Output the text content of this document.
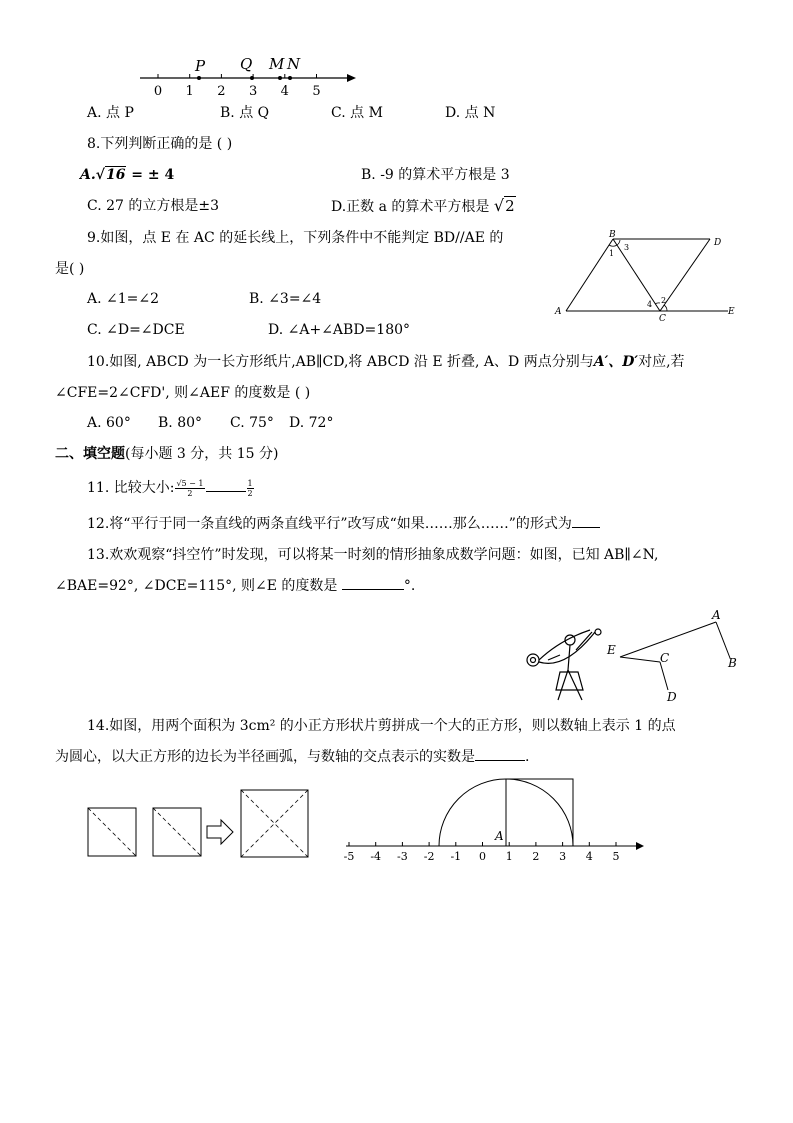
0 1 2 3 4 5
P Q M N
A. 点 P	B. 点 Q	C. 点 M	D. 点 N
8.下列判断正确的是 ( )
A.√16 = ± 4	B. -9 的算术平方根是 3
C. 27 的立方根是±3	D.正数 a 的算术平方根是 √2
9.如图，点 E 在 AC 的延长线上，下列条件中不能判定 BD//AE 的
是( )
A. ∠1=∠2	B. ∠3=∠4
C. ∠D=∠DCE	D. ∠A+∠ABD=180°
B
D
A
C
E
1
3
2
4
10.如图, ABCD 为一长方形纸片,AB∥CD,将 ABCD 沿 E 折叠, A、D 两点分别与A′、D′对应,若
∠CFE=2∠CFD', 则∠AEF 的度数是 ( )
A. 60° B. 80° C. 75° D. 72°
二、填空题(每小题 3 分，共 15 分)
11. 比较大小: $\frac{√5 - 1}{2}$	$\frac{1}{2}$
12.将“平行于同一条直线的两条直线平行”改写成“如果……那么……”的形式为
13.欢欢观察“抖空竹”时发现，可以将某一时刻的情形抽象成数学问题：如图，已知 AB∥∠N,
∠BAE=92°, ∠DCE=115°, 则∠E 的度数是	°.
A
B
C
D
E
14.如图，用两个面积为 3cm² 的小正方形状片剪拼成一个大的正方形，则以数轴上表示 1 的点
为圆心，以大正方形的边长为半径画弧，与数轴的交点表示的实数是	.
-5 -4 -3 -2 -1 0 1 2 3 4 5
A
